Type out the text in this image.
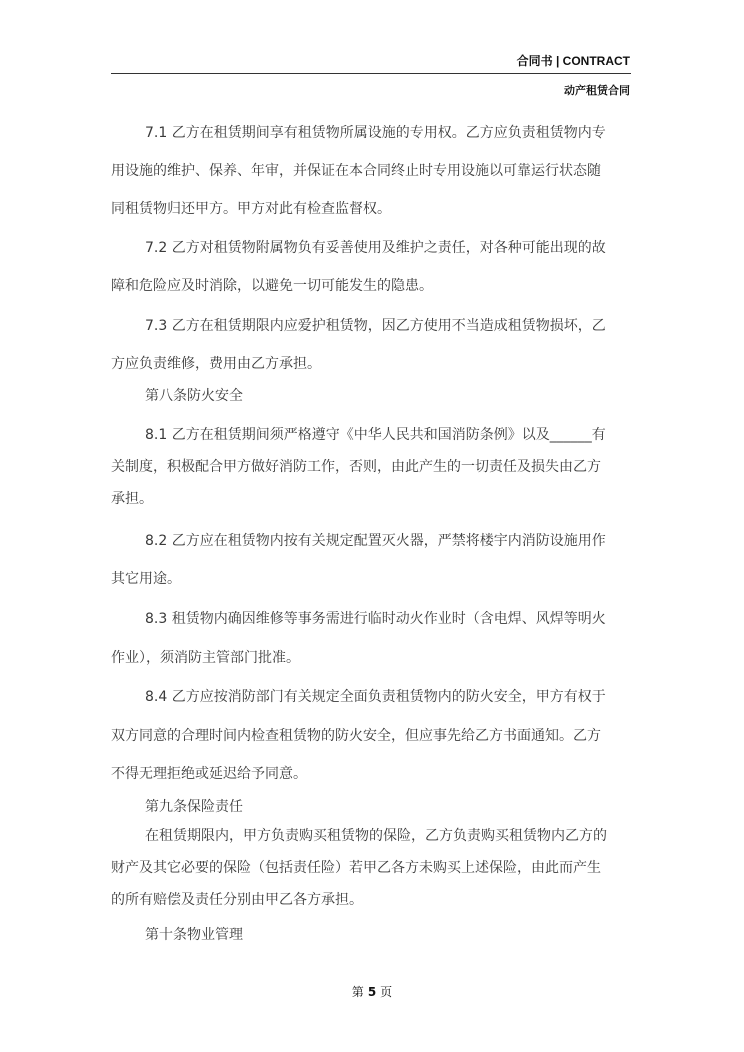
合同书 | CONTRACT
动产租赁合同
7.1 乙方在租赁期间享有租赁物所属设施的专用权。乙方应负责租赁物内专
用设施的维护、保养、年审，并保证在本合同终止时专用设施以可靠运行状态随
同租赁物归还甲方。甲方对此有检查监督权。
7.2 乙方对租赁物附属物负有妥善使用及维护之责任，对各种可能出现的故
障和危险应及时消除，以避免一切可能发生的隐患。
7.3 乙方在租赁期限内应爱护租赁物，因乙方使用不当造成租赁物损坏，乙
方应负责维修，费用由乙方承担。
第八条防火安全
8.1 乙方在租赁期间须严格遵守《中华人民共和国消防条例》以及______有
关制度，积极配合甲方做好消防工作，否则，由此产生的一切责任及损失由乙方
承担。
8.2 乙方应在租赁物内按有关规定配置灭火器，严禁将楼宇内消防设施用作
其它用途。
8.3 租赁物内确因维修等事务需进行临时动火作业时（含电焊、风焊等明火
作业），须消防主管部门批准。
8.4 乙方应按消防部门有关规定全面负责租赁物内的防火安全，甲方有权于
双方同意的合理时间内检查租赁物的防火安全，但应事先给乙方书面通知。乙方
不得无理拒绝或延迟给予同意。
第九条保险责任
在租赁期限内，甲方负责购买租赁物的保险，乙方负责购买租赁物内乙方的
财产及其它必要的保险（包括责任险）若甲乙各方未购买上述保险，由此而产生
的所有赔偿及责任分别由甲乙各方承担。
第十条物业管理
第 5 页
